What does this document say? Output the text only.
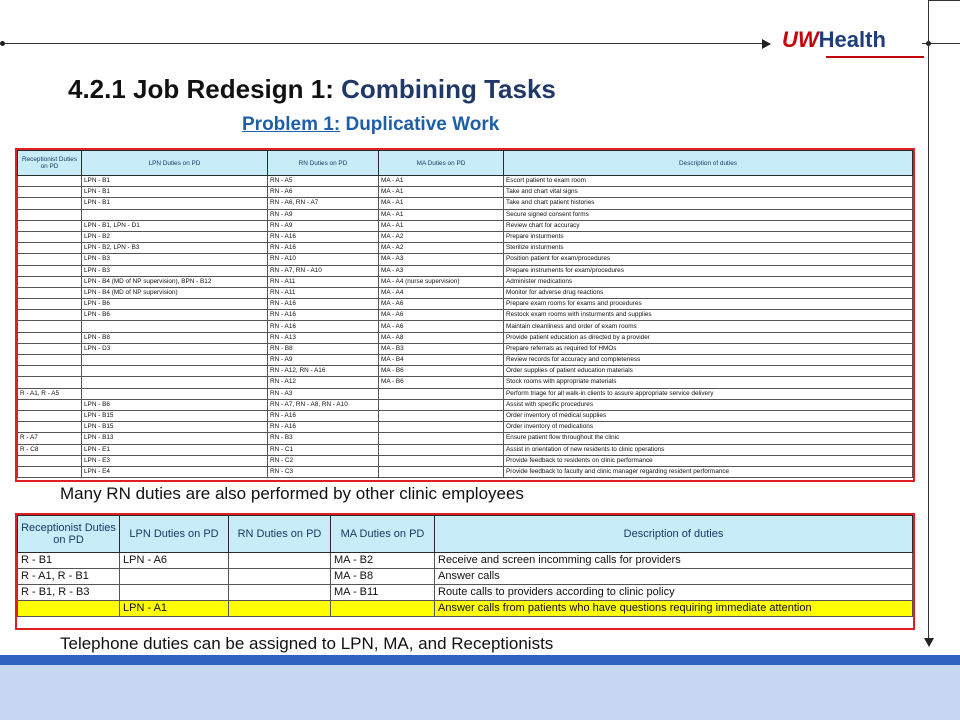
UWHealth
4.2.1 Job Redesign 1: Combining Tasks
Problem 1: Duplicative Work
Receptionist Duties on PD	LPN Duties on PD	RN Duties on PD	MA Duties on PD	Description of duties
	LPN - B1	RN - A5	MA - A1	Escort patient to exam room
	LPN - B1	RN - A6	MA - A1	Take and chart vital signs
	LPN - B1	RN - A6, RN - A7	MA - A1	Take and chart patient histories
		RN - A9	MA - A1	Secure signed consent forms
	LPN - B1, LPN - D1	RN - A9	MA - A1	Review chart for accuracy
	LPN - B2	RN - A16	MA - A2	Prepare insturments
	LPN - B2, LPN - B3	RN - A16	MA - A2	Sterilize insturments
	LPN - B3	RN - A10	MA - A3	Position patient for exam/procedures
	LPN - B3	RN - A7, RN - A10	MA - A3	Prepare instruments for exam/procedures
	LPN - B4 (MD of NP supervision), BPN - B12	RN - A11	MA - A4 (nurse supervision)	Administer medications
	LPN - B4 (MD of NP supervision)	RN - A11	MA - A4	Monitor for adverse drug reactions
	LPN - B6	RN - A16	MA - A6	Prepare exam rooms for exams and procedures
	LPN - B6	RN - A16	MA - A6	Restock exam rooms with insturments and supplies
		RN - A16	MA - A6	Maintain cleanliness and order of exam rooms
	LPN - B8	RN - A13	MA - A8	Provide patient education as directed by a provider
	LPN - D3	RN - B8	MA - B3	Prepare referrals as required fof HMOs
		RN - A9	MA - B4	Review records for accuracy and completeness
		RN - A12, RN - A16	MA - B6	Order supplies of patient education materials
		RN - A12	MA - B6	Stock rooms with appropriate materials
R - A1, R - A5		RN - A3		Perform triage for all walk-in clients to assure appropriate service delivery
	LPN - B6	RN - A7, RN - A8, RN - A10		Assist with specific procedures
	LPN - B15	RN - A16		Order inventory of medical supplies
	LPN - B15	RN - A16		Order inventory of medications
R - A7	LPN - B13	RN - B3		Ensure patient flow throughout the clinic
R - C8	LPN - E1	RN - C1		Assist in orientation of new residents to clinic operations
	LPN - E3	RN - C2		Provide feedback to residents on clinic performance
	LPN - E4	RN - C3		Provide feedback to faculty and clinic manager regarding resident performance
Many RN duties are also performed by other clinic employees
Receptionist Duties on PD	LPN Duties on PD	RN Duties on PD	MA Duties on PD	Description of duties
R - B1	LPN - A6		MA - B2	Receive and screen incomming calls for providers
R - A1, R - B1			MA - B8	Answer calls
R - B1, R - B3			MA - B11	Route calls to providers according to clinic policy
	LPN - A1			Answer calls from patients who have questions requiring immediate attention
Telephone duties can be assigned to LPN, MA, and Receptionists
